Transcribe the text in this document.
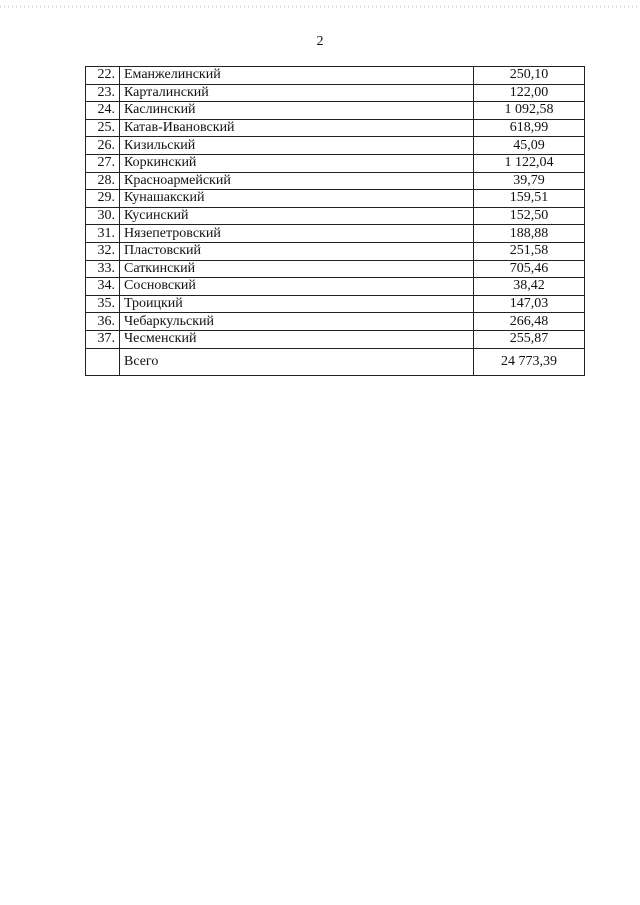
2
22.	Еманжелинский	250,10
23.	Карталинский	122,00
24.	Каслинский	1 092,58
25.	Катав-Ивановский	618,99
26.	Кизильский	45,09
27.	Коркинский	1 122,04
28.	Красноармейский	39,79
29.	Кунашакский	159,51
30.	Кусинский	152,50
31.	Нязепетровский	188,88
32.	Пластовский	251,58
33.	Саткинский	705,46
34.	Сосновский	38,42
35.	Троицкий	147,03
36.	Чебаркульский	266,48
37.	Чесменский	255,87
	Всего	24 773,39
